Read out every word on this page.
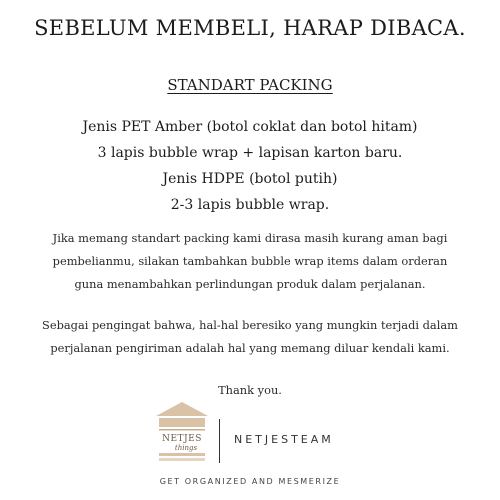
SEBELUM MEMBELI, HARAP DIBACA.
STANDART PACKING
Jenis PET Amber (botol coklat dan botol hitam)
3 lapis bubble wrap + lapisan karton baru.
Jenis HDPE (botol putih)
2-3 lapis bubble wrap.
Jika memang standart packing kami dirasa masih kurang aman bagi
pembelianmu, silakan tambahkan bubble wrap items dalam orderan
guna menambahkan perlindungan produk dalam perjalanan.
Sebagai pengingat bahwa, hal-hal beresiko yang mungkin terjadi dalam
perjalanan pengiriman adalah hal yang memang diluar kendali kami.
Thank you.
NETJES
things
NETJESTEAM
GET ORGANIZED AND MESMERIZE
